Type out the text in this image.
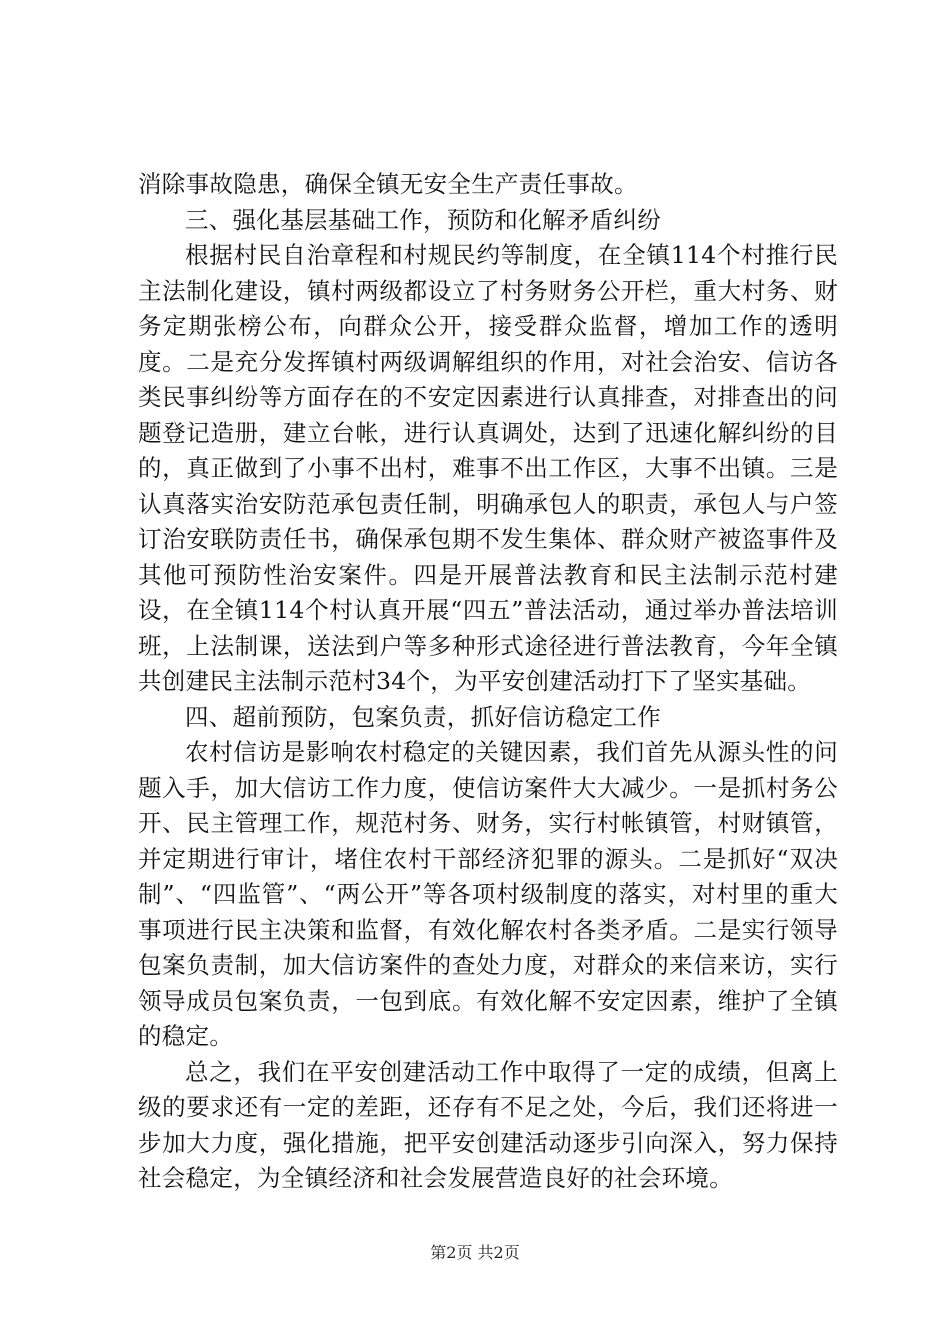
消除事故隐患，确保全镇无安全生产责任事故。

三、强化基层基础工作，预防和化解矛盾纠纷

根据村民自治章程和村规民约等制度，在全镇114个村推行民主法制化建设，镇村两级都设立了村务财务公开栏，重大村务、财务定期张榜公布，向群众公开，接受群众监督，增加工作的透明度。二是充分发挥镇村两级调解组织的作用，对社会治安、信访各类民事纠纷等方面存在的不安定因素进行认真排查，对排查出的问题登记造册，建立台帐，进行认真调处，达到了迅速化解纠纷的目的，真正做到了小事不出村，难事不出工作区，大事不出镇。三是认真落实治安防范承包责任制，明确承包人的职责，承包人与户签订治安联防责任书，确保承包期不发生集体、群众财产被盗事件及其他可预防性治安案件。四是开展普法教育和民主法制示范村建设，在全镇114个村认真开展“四五”普法活动，通过举办普法培训班，上法制课，送法到户等多种形式途径进行普法教育，今年全镇共创建民主法制示范村34个，为平安创建活动打下了坚实基础。

四、超前预防，包案负责，抓好信访稳定工作

农村信访是影响农村稳定的关键因素，我们首先从源头性的问题入手，加大信访工作力度，使信访案件大大减少。一是抓村务公开、民主管理工作，规范村务、财务，实行村帐镇管，村财镇管，并定期进行审计，堵住农村干部经济犯罪的源头。二是抓好“双决制”、“四监管”、“两公开”等各项村级制度的落实，对村里的重大事项进行民主决策和监督，有效化解农村各类矛盾。二是实行领导包案负责制，加大信访案件的查处力度，对群众的来信来访，实行领导成员包案负责，一包到底。有效化解不安定因素，维护了全镇的稳定。

总之，我们在平安创建活动工作中取得了一定的成绩，但离上级的要求还有一定的差距，还存有不足之处，今后，我们还将进一步加大力度，强化措施，把平安创建活动逐步引向深入，努力保持社会稳定，为全镇经济和社会发展营造良好的社会环境。

第2页 共2页
